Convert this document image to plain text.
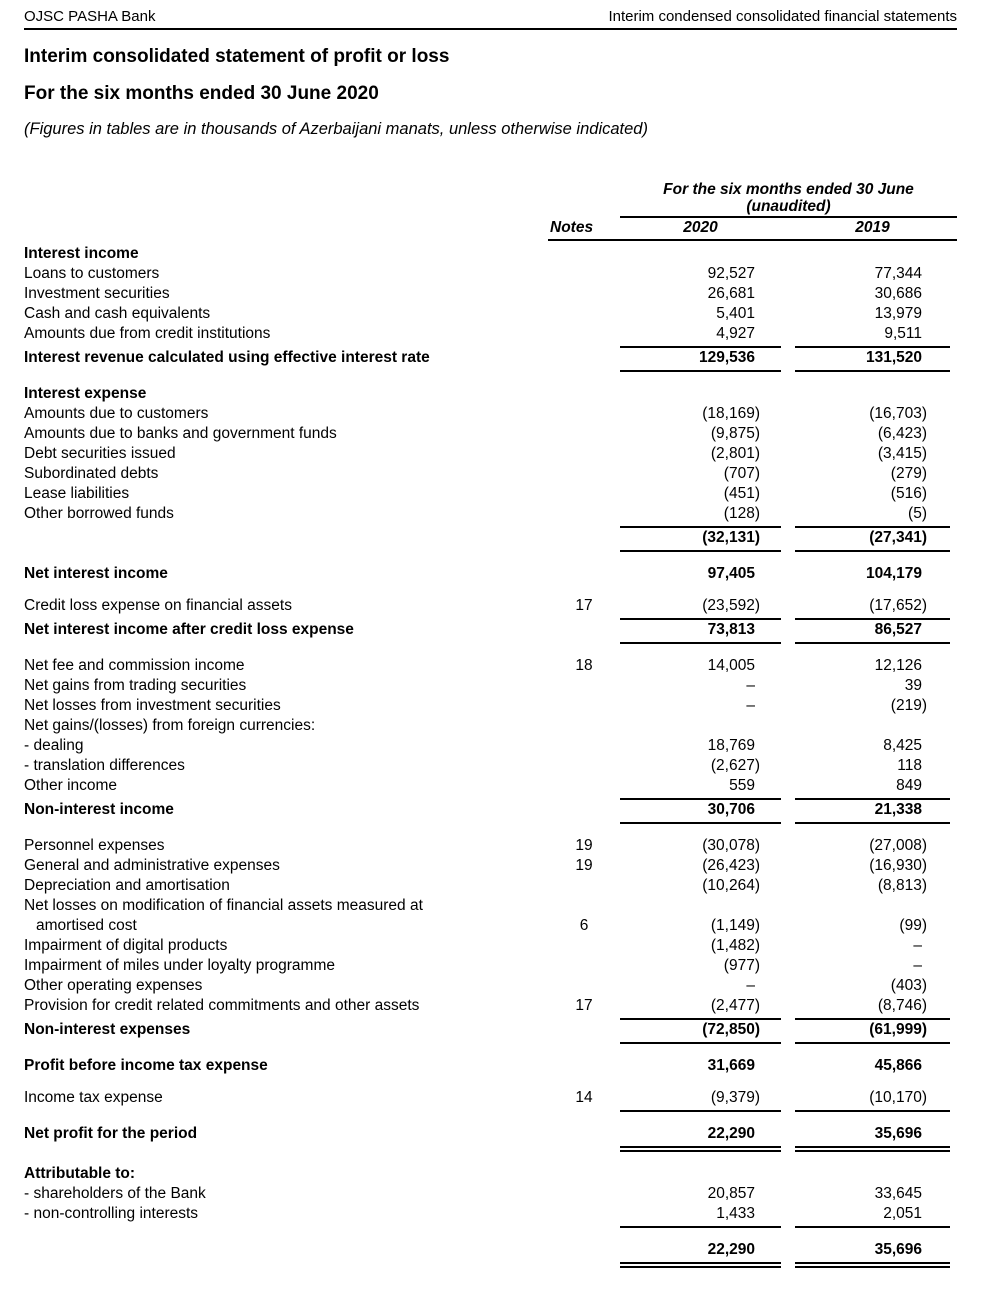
OJSC PASHA Bank	Interim condensed consolidated financial statements
Interim consolidated statement of profit or loss
For the six months ended 30 June 2020
(Figures in tables are in thousands of Azerbaijani manats, unless otherwise indicated)
For the six months ended 30 June
(unaudited)
Notes	2020	2019
Interest income
Loans to customers	92,527	77,344
Investment securities	26,681	30,686
Cash and cash equivalents	5,401	13,979
Amounts due from credit institutions	4,927	9,511
Interest revenue calculated using effective interest rate	129,536	131,520
Interest expense
Amounts due to customers	(18,169)	(16,703)
Amounts due to banks and government funds	(9,875)	(6,423)
Debt securities issued	(2,801)	(3,415)
Subordinated debts	(707)	(279)
Lease liabilities	(451)	(516)
Other borrowed funds	(128)	(5)
(32,131)	(27,341)
Net interest income	97,405	104,179
Credit loss expense on financial assets	17	(23,592)	(17,652)
Net interest income after credit loss expense	73,813	86,527
Net fee and commission income	18	14,005	12,126
Net gains from trading securities	–	39
Net losses from investment securities	–	(219)
Net gains/(losses) from foreign currencies:
- dealing	18,769	8,425
- translation differences	(2,627)	118
Other income	559	849
Non-interest income	30,706	21,338
Personnel expenses	19	(30,078)	(27,008)
General and administrative expenses	19	(26,423)	(16,930)
Depreciation and amortisation	(10,264)	(8,813)
Net losses on modification of financial assets measured at
amortised cost	6	(1,149)	(99)
Impairment of digital products	(1,482)	–
Impairment of miles under loyalty programme	(977)	–
Other operating expenses	–	(403)
Provision for credit related commitments and other assets	17	(2,477)	(8,746)
Non-interest expenses	(72,850)	(61,999)
Profit before income tax expense	31,669	45,866
Income tax expense	14	(9,379)	(10,170)
Net profit for the period	22,290	35,696
Attributable to:
- shareholders of the Bank	20,857	33,645
- non-controlling interests	1,433	2,051
22,290	35,696
